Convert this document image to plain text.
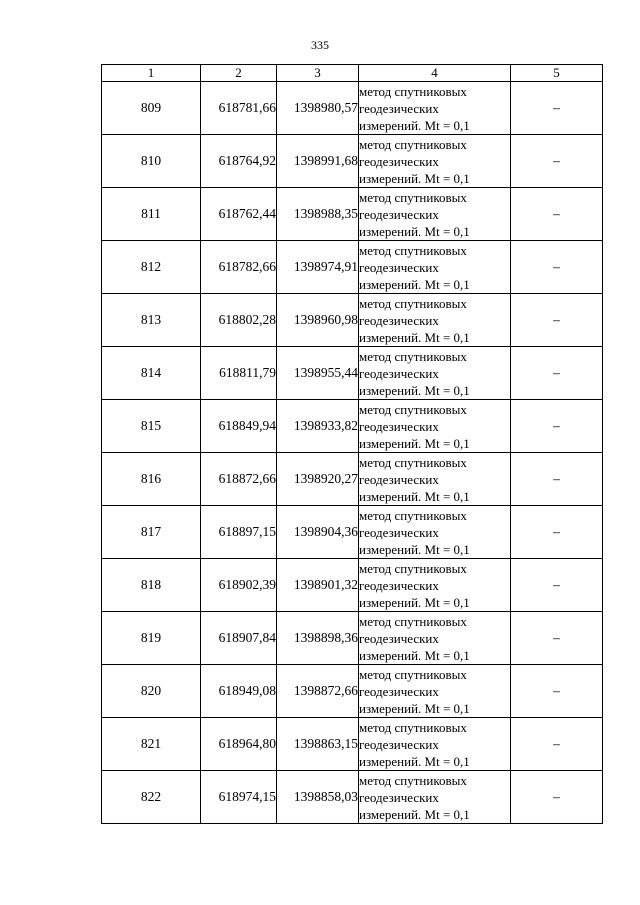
335
1	2	3	4	5
809	618781,66	1398980,57	метод спутниковых
геодезических
измерений. Mt = 0,1	–
810	618764,92	1398991,68	метод спутниковых
геодезических
измерений. Mt = 0,1	–
811	618762,44	1398988,35	метод спутниковых
геодезических
измерений. Mt = 0,1	–
812	618782,66	1398974,91	метод спутниковых
геодезических
измерений. Mt = 0,1	–
813	618802,28	1398960,98	метод спутниковых
геодезических
измерений. Mt = 0,1	–
814	618811,79	1398955,44	метод спутниковых
геодезических
измерений. Mt = 0,1	–
815	618849,94	1398933,82	метод спутниковых
геодезических
измерений. Mt = 0,1	–
816	618872,66	1398920,27	метод спутниковых
геодезических
измерений. Mt = 0,1	–
817	618897,15	1398904,36	метод спутниковых
геодезических
измерений. Mt = 0,1	–
818	618902,39	1398901,32	метод спутниковых
геодезических
измерений. Mt = 0,1	–
819	618907,84	1398898,36	метод спутниковых
геодезических
измерений. Mt = 0,1	–
820	618949,08	1398872,66	метод спутниковых
геодезических
измерений. Mt = 0,1	–
821	618964,80	1398863,15	метод спутниковых
геодезических
измерений. Mt = 0,1	–
822	618974,15	1398858,03	метод спутниковых
геодезических
измерений. Mt = 0,1	–
